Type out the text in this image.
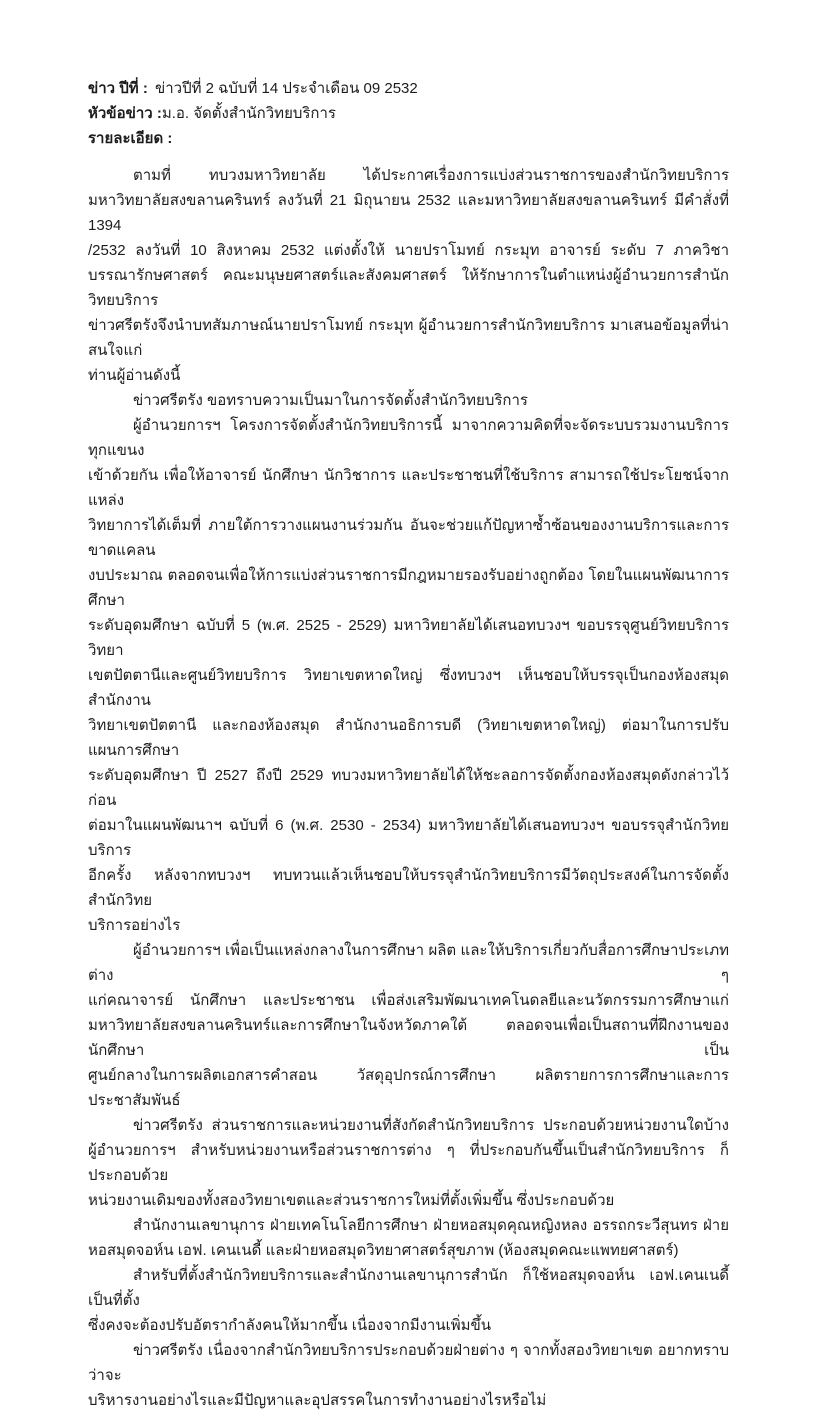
ข่าว ปีที่ : ข่าวปีที่ 2 ฉบับที่ 14 ประจำเดือน 09 2532
หัวข้อข่าว : ม.อ. จัดตั้งสำนักวิทยบริการ
รายละเอียด :
ตามที่ ทบวงมหาวิทยาลัย ได้ประกาศเรื่องการแบ่งส่วนราชการของสำนักวิทยบริการ
มหาวิทยาลัยสงขลานครินทร์ ลงวันที่ 21 มิถุนายน 2532 และมหาวิทยาลัยสงขลานครินทร์ มีคำสั่งที่ 1394
/2532 ลงวันที่ 10 สิงหาคม 2532 แต่งตั้งให้ นายปราโมทย์ กระมุท อาจารย์ ระดับ 7 ภาควิชา
บรรณารักษศาสตร์ คณะมนุษยศาสตร์และสังคมศาสตร์ ให้รักษาการในตำแหน่งผู้อำนวยการสำนักวิทยบริการ
ข่าวศรีตรังจึงนำบทสัมภาษณ์นายปราโมทย์ กระมุท ผู้อำนวยการสำนักวิทยบริการ มาเสนอข้อมูลที่น่าสนใจแก่
ท่านผู้อ่านดังนี้
ข่าวศรีตรัง ขอทราบความเป็นมาในการจัดตั้งสำนักวิทยบริการ
ผู้อำนวยการฯ โครงการจัดตั้งสำนักวิทยบริการนี้ มาจากความคิดที่จะจัดระบบรวมงานบริการทุกแขนง
เข้าด้วยกัน เพื่อให้อาจารย์ นักศึกษา นักวิชาการ และประชาชนที่ใช้บริการ สามารถใช้ประโยชน์จากแหล่ง
วิทยาการได้เต็มที่ ภายใต้การวางแผนงานร่วมกัน อันจะช่วยแก้ปัญหาซ้ำซ้อนของงานบริการและการขาดแคลน
งบประมาณ ตลอดจนเพื่อให้การแบ่งส่วนราชการมีกฎหมายรองรับอย่างถูกต้อง โดยในแผนพัฒนาการศึกษา
ระดับอุดมศึกษา ฉบับที่ 5 (พ.ศ. 2525 - 2529) มหาวิทยาลัยได้เสนอทบวงฯ ขอบรรจุศูนย์วิทยบริการ วิทยา
เขตปัตตานีและศูนย์วิทยบริการ วิทยาเขตหาดใหญ่ ซึ่งทบวงฯ เห็นชอบให้บรรจุเป็นกองห้องสมุด สำนักงาน
วิทยาเขตปัตตานี และกองห้องสมุด สำนักงานอธิการบดี (วิทยาเขตหาดใหญ่) ต่อมาในการปรับแผนการศึกษา
ระดับอุดมศึกษา ปี 2527 ถึงปี 2529 ทบวงมหาวิทยาลัยได้ให้ชะลอการจัดตั้งกองห้องสมุดดังกล่าวไว้ก่อน
ต่อมาในแผนพัฒนาฯ ฉบับที่ 6 (พ.ศ. 2530 - 2534) มหาวิทยาลัยได้เสนอทบวงฯ ขอบรรจุสำนักวิทยบริการ
อีกครั้ง หลังจากทบวงฯ ทบทวนแล้วเห็นชอบให้บรรจุสำนักวิทยบริการมีวัตถุประสงค์ในการจัดตั้งสำนักวิทย
บริการอย่างไร
ผู้อำนวยการฯ เพื่อเป็นแหล่งกลางในการศึกษา ผลิต และให้บริการเกี่ยวกับสื่อการศึกษาประเภทต่าง ๆ
แก่คณาจารย์ นักศึกษา และประชาชน เพื่อส่งเสริมพัฒนาเทคโนดลยีและนวัตกรรมการศึกษาแก่
มหาวิทยาลัยสงขลานครินทร์และการศึกษาในจังหวัดภาคใต้ ตลอดจนเพื่อเป็นสถานที่ฝึกงานของนักศึกษา เป็น
ศูนย์กลางในการผลิตเอกสารคำสอน วัสดุอุปกรณ์การศึกษา ผลิตรายการการศึกษาและการประชาสัมพันธ์
ข่าวศรีตรัง ส่วนราชการและหน่วยงานที่สังกัดสำนักวิทยบริการ ประกอบด้วยหน่วยงานใดบ้าง
ผู้อำนวยการฯ สำหรับหน่วยงานหรือส่วนราชการต่าง ๆ ที่ประกอบกันขึ้นเป็นสำนักวิทยบริการ ก็ประกอบด้วย
หน่วยงานเดิมของทั้งสองวิทยาเขตและส่วนราชการใหม่ที่ตั้งเพิ่มขึ้น ซึ่งประกอบด้วย
สำนักงานเลขานุการ ฝ่ายเทคโนโลยีการศึกษา ฝ่ายหอสมุดคุณหญิงหลง อรรถกระวีสุนทร ฝ่าย
หอสมุดจอห์น เอฟ. เคนเนดี้ และฝ่ายหอสมุดวิทยาศาสตร์สุขภาพ (ห้องสมุดคณะแพทยศาสตร์)
สำหรับที่ตั้งสำนักวิทยบริการและสำนักงานเลขานุการสำนัก ก็ใช้หอสมุดจอห์น เอฟ.เคนเนดี้ เป็นที่ตั้ง
ซึ่งคงจะต้องปรับอัตรากำลังคนให้มากขึ้น เนื่องจากมีงานเพิ่มขึ้น
ข่าวศรีตรัง เนื่องจากสำนักวิทยบริการประกอบด้วยฝ่ายต่าง ๆ จากทั้งสองวิทยาเขต อยากทราบว่าจะ
บริหารงานอย่างไรและมีปัญหาและอุปสรรคในการทำงานอย่างไรหรือไม่
